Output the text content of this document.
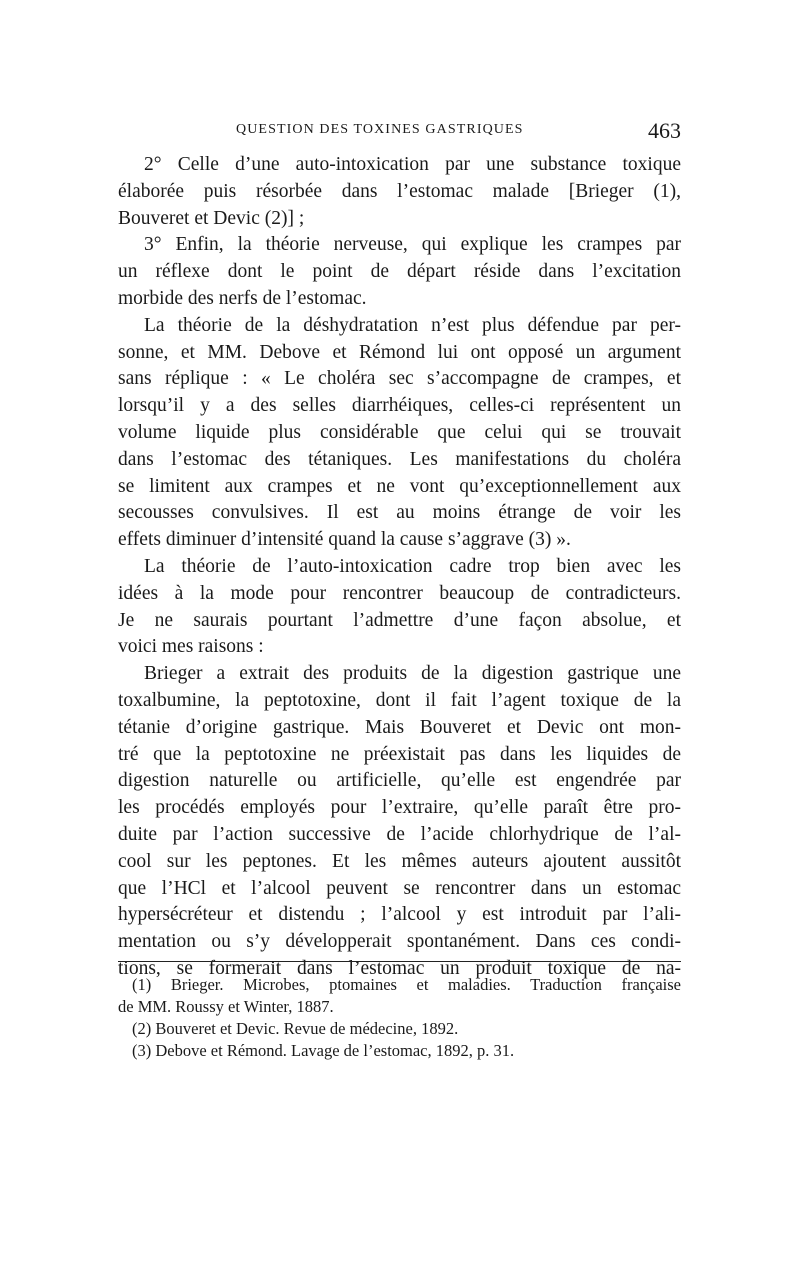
QUESTION DES TOXINES GASTRIQUES	463
2° Celle d’une auto-intoxication par une substance toxique
élaborée puis résorbée dans l’estomac malade [Brieger (1),
Bouveret et Devic (2)] ;
3° Enfin, la théorie nerveuse, qui explique les crampes par
un réflexe dont le point de départ réside dans l’excitation
morbide des nerfs de l’estomac.
La théorie de la déshydratation n’est plus défendue par per-
sonne, et MM. Debove et Rémond lui ont opposé un argument
sans réplique : « Le choléra sec s’accompagne de crampes, et
lorsqu’il y a des selles diarrhéiques, celles-ci représentent un
volume liquide plus considérable que celui qui se trouvait
dans l’estomac des tétaniques. Les manifestations du choléra
se limitent aux crampes et ne vont qu’exceptionnellement aux
secousses convulsives. Il est au moins étrange de voir les
effets diminuer d’intensité quand la cause s’aggrave (3) ».
La théorie de l’auto-intoxication cadre trop bien avec les
idées à la mode pour rencontrer beaucoup de contradicteurs.
Je ne saurais pourtant l’admettre d’une façon absolue, et
voici mes raisons :
Brieger a extrait des produits de la digestion gastrique une
toxalbumine, la peptotoxine, dont il fait l’agent toxique de la
tétanie d’origine gastrique. Mais Bouveret et Devic ont mon-
tré que la peptotoxine ne préexistait pas dans les liquides de
digestion naturelle ou artificielle, qu’elle est engendrée par
les procédés employés pour l’extraire, qu’elle paraît être pro-
duite par l’action successive de l’acide chlorhydrique de l’al-
cool sur les peptones. Et les mêmes auteurs ajoutent aussitôt
que l’HCl et l’alcool peuvent se rencontrer dans un estomac
hypersécréteur et distendu ; l’alcool y est introduit par l’ali-
mentation ou s’y développerait spontanément. Dans ces condi-
tions, se formerait dans l’estomac un produit toxique de na-
(1) Brieger. Microbes, ptomaines et maladies. Traduction française
de MM. Roussy et Winter, 1887.
(2) Bouveret et Devic. Revue de médecine, 1892.
(3) Debove et Rémond. Lavage de l’estomac, 1892, p. 31.
